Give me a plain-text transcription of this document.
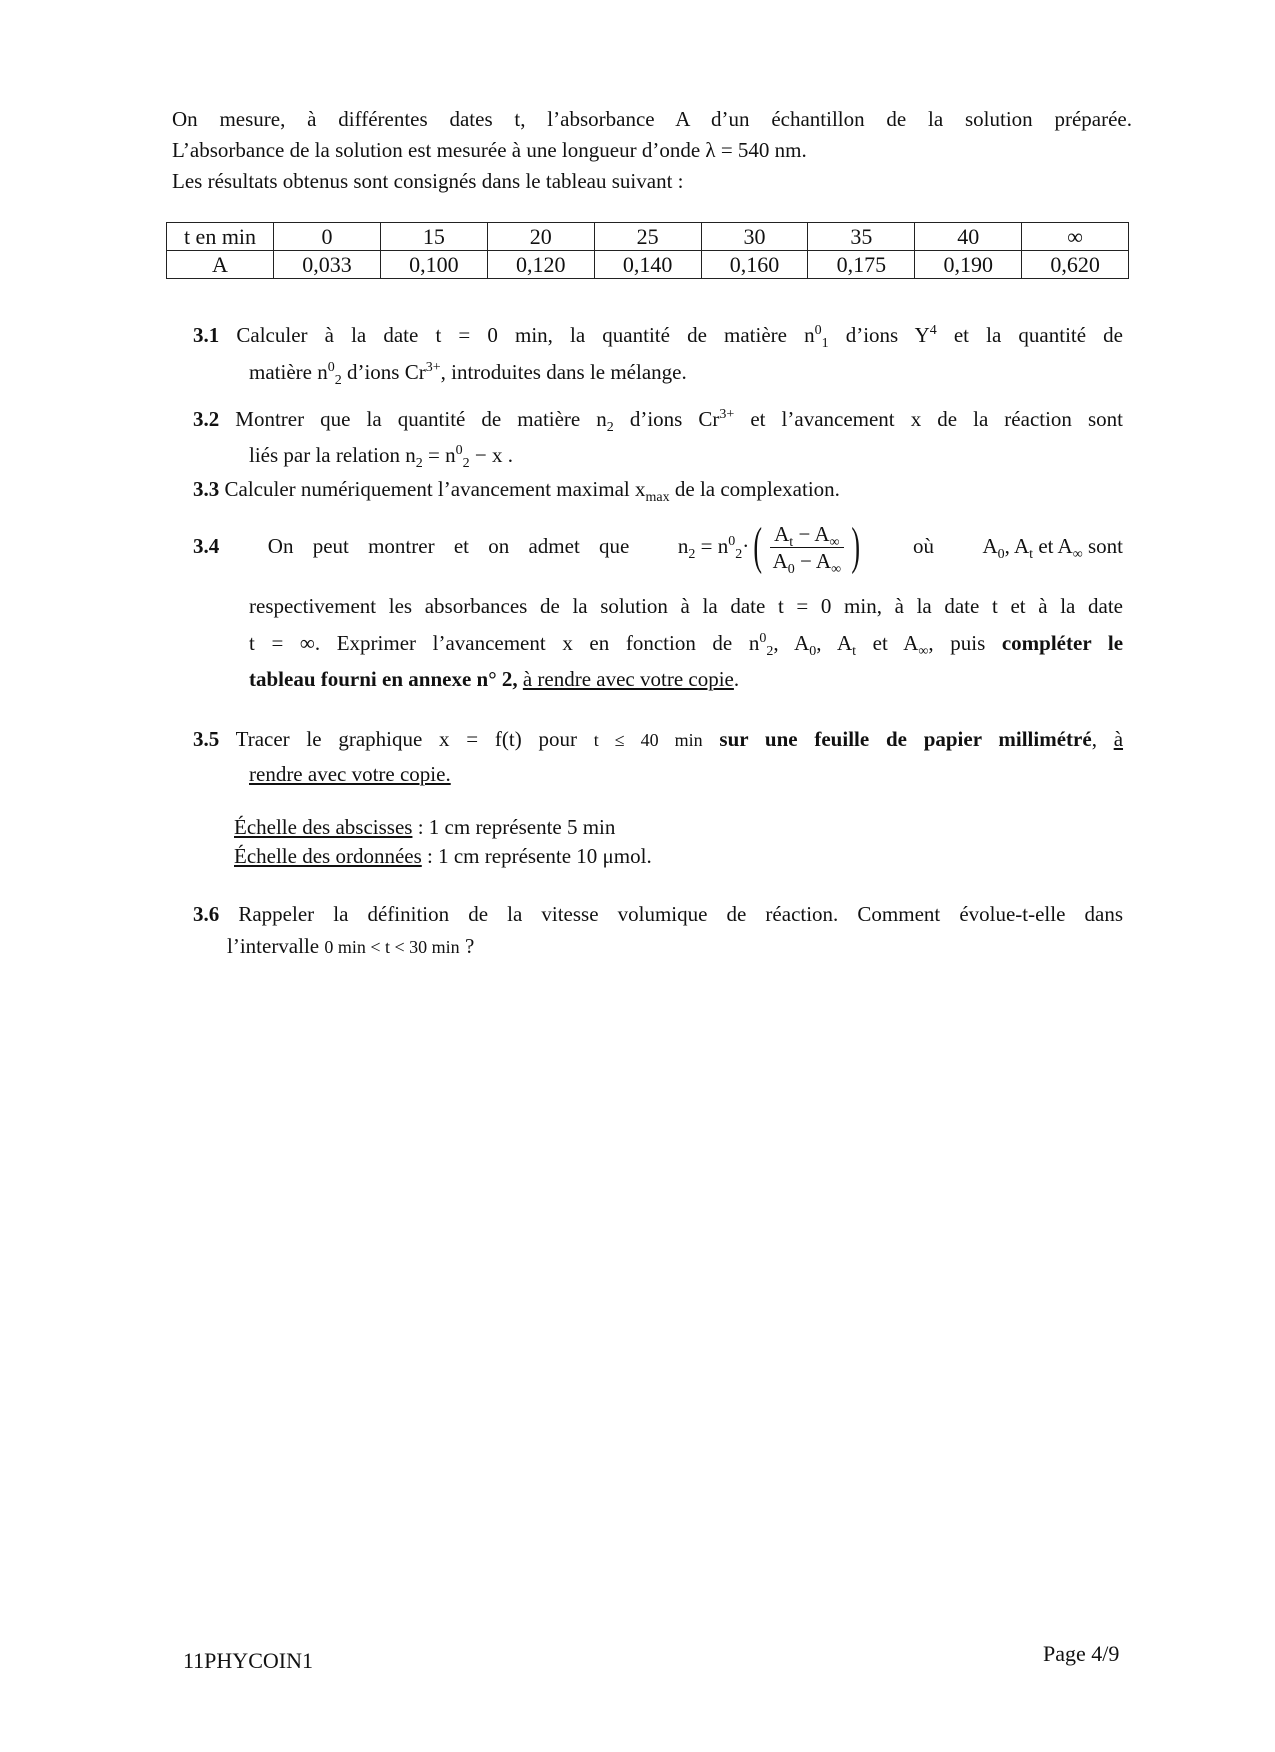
On mesure, à différentes dates t, l’absorbance A d’un échantillon de la solution préparée.

L’absorbance de la solution est mesurée à une longueur d’onde λ = 540 nm.

Les résultats obtenus sont consignés dans le tableau suivant :

t en min	0	15	20	25	30	35	40	∞
A	0,033	0,100	0,120	0,140	0,160	0,175	0,190	0,620
3.1 Calculer à la date t = 0 min, la quantité de matière $n^0_1$ d’ions $Y^4$ et la quantité de
matière $n^0_2$ d’ions $Cr^{3+}$, introduites dans le mélange.
3.2 Montrer que la quantité de matière $n_2$ d’ions $Cr^{3+}$ et l’avancement x de la réaction sont
liés par la relation $n_2 = n^0_2 - x$ .
3.3 Calculer numériquement l’avancement maximal $x_{max}$ de la complexation.
3.4 On peut montrer et on admet que $n_2 = n^0_2\cdot$ ( $\frac{A_t - A_\infty}{A_0 - A_\infty}$ )	où $A_0$, $A_t$ et $A_\infty$ sont
respectivement les absorbances de la solution à la date t = 0 min, à la date t et à la date
t = ∞. Exprimer l’avancement x en fonction de $n^0_2$, $A_0$, $A_t$ et $A_\infty$, puis compléter le
tableau fourni en annexe n° 2, à rendre avec votre copie.
3.5 Tracer le graphique x = f(t) pour t ≤ 40 min sur une feuille de papier millimétré, à
rendre avec votre copie.
Échelle des abscisses : 1 cm représente 5 min
Échelle des ordonnées : 1 cm représente 10 μmol.
3.6 Rappeler la définition de la vitesse volumique de réaction. Comment évolue-t-elle dans
l’intervalle 0 min < t < 30 min ?
11PHYCOIN1	Page 4/9
